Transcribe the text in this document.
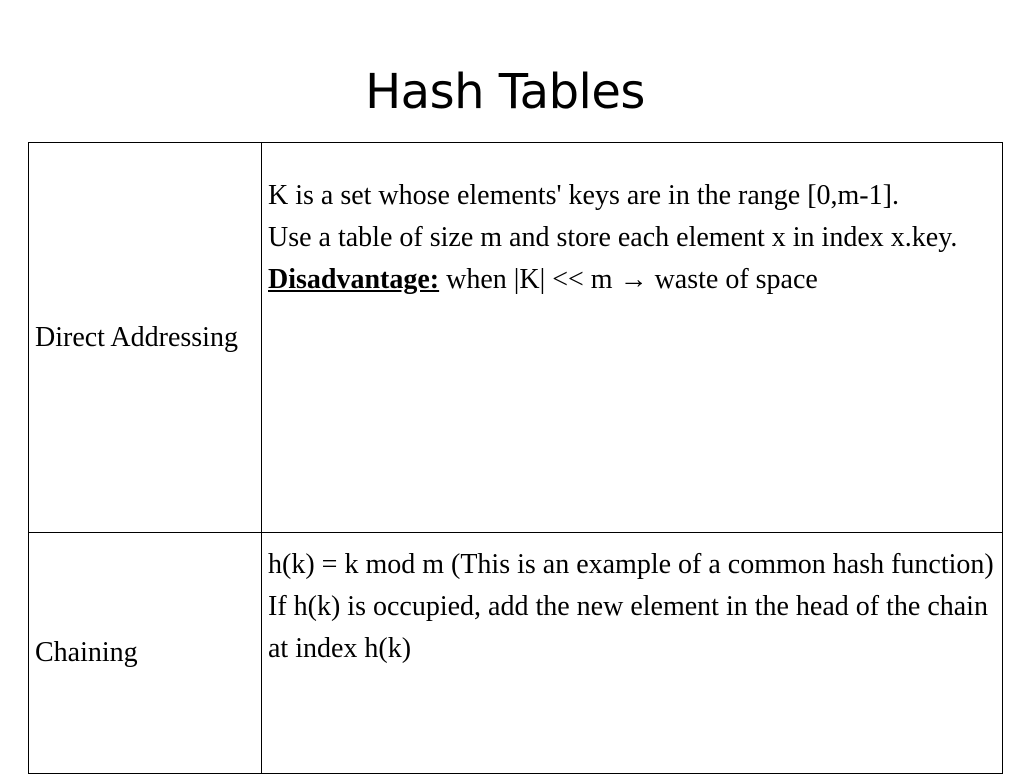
Hash Tables
Direct Addressing	K is a set whose elements' keys are in the range [0,m-1].
Use a table of size m and store each element x in index x.key.
Disadvantage: when |K| << m → waste of space

Chaining	h(k) = k mod m (This is an example of a common hash function)
If h(k) is occupied, add the new element in the head of the chain at index h(k)
